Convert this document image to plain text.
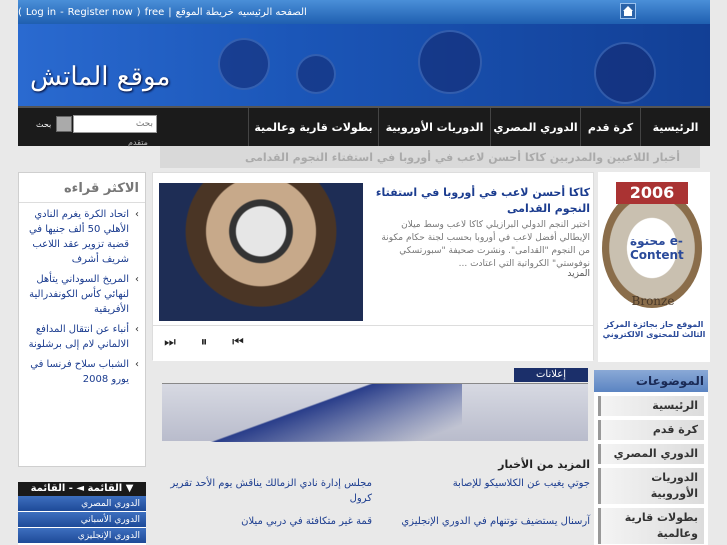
الصفحه الرئيسيه
خريطة الموقع
|
free
(
Register now
-
Log in
)
موقع الماتش
الرئيسية
كرة قدم
الدوري المصري
الدوريات الأوروبية
بطولات قارية وعالمية
بحث
بحث
متقدم
أخبار اللاعبين والمدربين كاكا أحسن لاعب في أوروبا في استفتاء النجوم القدامى
الاكثر قراءه
› اتحاد الكرة يغرم النادي الأهلي 50 ألف جنيها في قضية تزوير عقد اللاعب شريف أشرف
› المريخ السوداني يتأهل لنهائي كأس الكونفدرالية الأفريقية
› أنباء عن انتقال المدافع الالماني لام إلى برشلونة
› الشباب سلاح فرنسا في يورو 2008
كاكا أحسن لاعب في أوروبا في استفتاء النجوم القدامى
اختير النجم الدولي البرازيلي كاكا لاعب وسط ميلان الإيطالي أفضل لاعب في أوروبا بحسب لجنة حكام مكونة من النجوم "القدامى". ونشرت صحيفة "سبورتسكي نوفوستي" الكرواتية التي اعتادت ...
المزيد
⏭	⏸	⏮
2006
محتوة e-Content
Bronze
الموقع حاز بجائزة المركز الثالث للمحتوى الالكتروني
إعلانات
المزيد من الأخبار
جوتي يغيب عن الكلاسيكو للإصابة
مجلس إدارة نادي الزمالك يناقش يوم الأحد تقرير كرول
آرسنال يستضيف توتنهام في الدوري الإنجليزي
قمة غير متكافئة في دربي ميلان
▼ القائمة ◄ - القائمة
الدوري المصري
الدوري الأسباني
الدوري الإنجليزي
الموضوعات
الرئيسية
كرة قدم
الدوري المصري
الدوريات الأوروبية
بطولات قارية وعالمية
